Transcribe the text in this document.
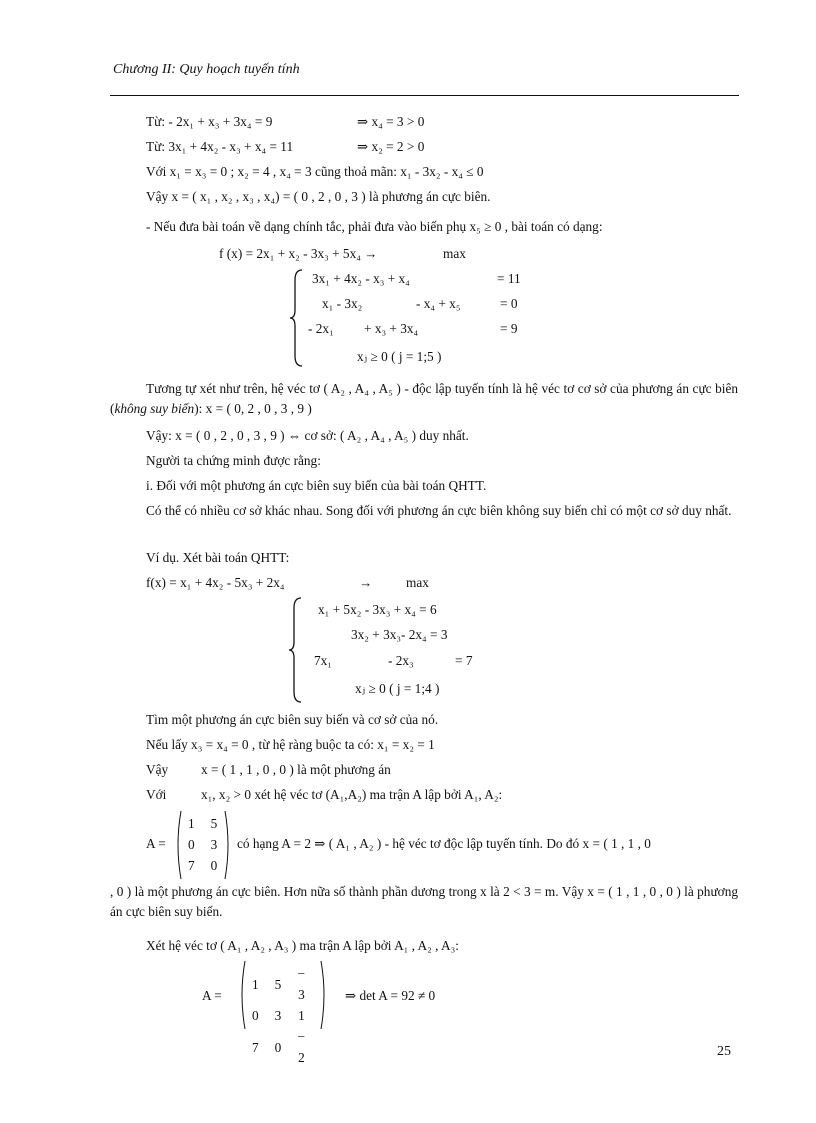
Chương II: Quy hoạch tuyến tính
Từ: - 2x₁ + x₃ + 3x₄ = 9	⇒ x₄ = 3 > 0
Từ: 3x₁ + 4x₂ - x₃ + x₄ = 11	⇒ x₂ = 2 > 0
Với x₁ = x₃ = 0 ; x₂ = 4 , x₄ = 3 cũng thoả mãn: x₁ - 3x₂ - x₄ ≤ 0
Vậy x = ( x₁ , x₂ , x₃ , x₄) = ( 0 , 2 , 0 , 3 ) là phương án cực biên.
- Nếu đưa bài toán về dạng chính tắc, phải đưa vào biến phụ x₅ ≥ 0 , bài toán có dạng:
f (x) = 2x₁ + x₂ - 3x₃ + 5x₄ →	max
3x₁ + 4x₂ - x₃ + x₄	= 11
x₁ - 3x₂	- x₄ + x₅	= 0
- 2x₁ + x₃ + 3x₄	= 9
xⱼ ≥ 0 ( j = 1;5 )
Tương tự xét như trên, hệ véc tơ ( A₂ , A₄ , A₅ ) - độc lập tuyến tính là hệ véc tơ cơ sở của phương án cực biên (không suy biến): x = ( 0, 2 , 0 , 3 , 9 )
Vậy: x = ( 0 , 2 , 0 , 3 , 9 ) ⇔ cơ sở: ( A₂ , A₄ , A₅ ) duy nhất.
Người ta chứng minh được rằng:
i. Đối với một phương án cực biên suy biến của bài toán QHTT.
Có thể có nhiều cơ sở khác nhau. Song đối với phương án cực biên không suy biến chỉ có một cơ sở duy nhất.
Ví dụ. Xét bài toán QHTT:
f(x) = x₁ + 4x₂ - 5x₃ + 2x₄	→	max
x₁ + 5x₂ - 3x₃ + x₄ = 6
3x₂ + 3x₃- 2x₄ = 3
7x₁	- 2x₃	= 7
xⱼ ≥ 0 ( j = 1;4 )
Tìm một phương án cực biên suy biến và cơ sở của nó.
Nếu lấy x₃ = x₄ = 0 , từ hệ ràng buộc ta có: x₁ = x₂ = 1
Vậy x = ( 1 , 1 , 0 , 0 ) là một phương án
Với	x₁, x₂ > 0 xét hệ véc tơ (A₁,A₂) ma trận A lập bởi A₁, A₂:
A =
1	5
0	3
7	0
có hạng A = 2 ⇒ ( A₁ , A₂ ) - hệ véc tơ độc lập tuyến tính. Do đó x = ( 1 , 1 , 0
, 0 ) là một phương án cực biên. Hơn nữa số thành phần dương trong x là 2 < 3 = m. Vậy x = ( 1 , 1 , 0 , 0 ) là phương án cực biên suy biến.
Xét hệ véc tơ ( A₁ , A₂ , A₃ ) ma trận A lập bởi A₁ , A₂ , A₃:
A =
1	5	− 3
0	3	1
7	0	− 2
⇒ det A = 92 ≠ 0
25
